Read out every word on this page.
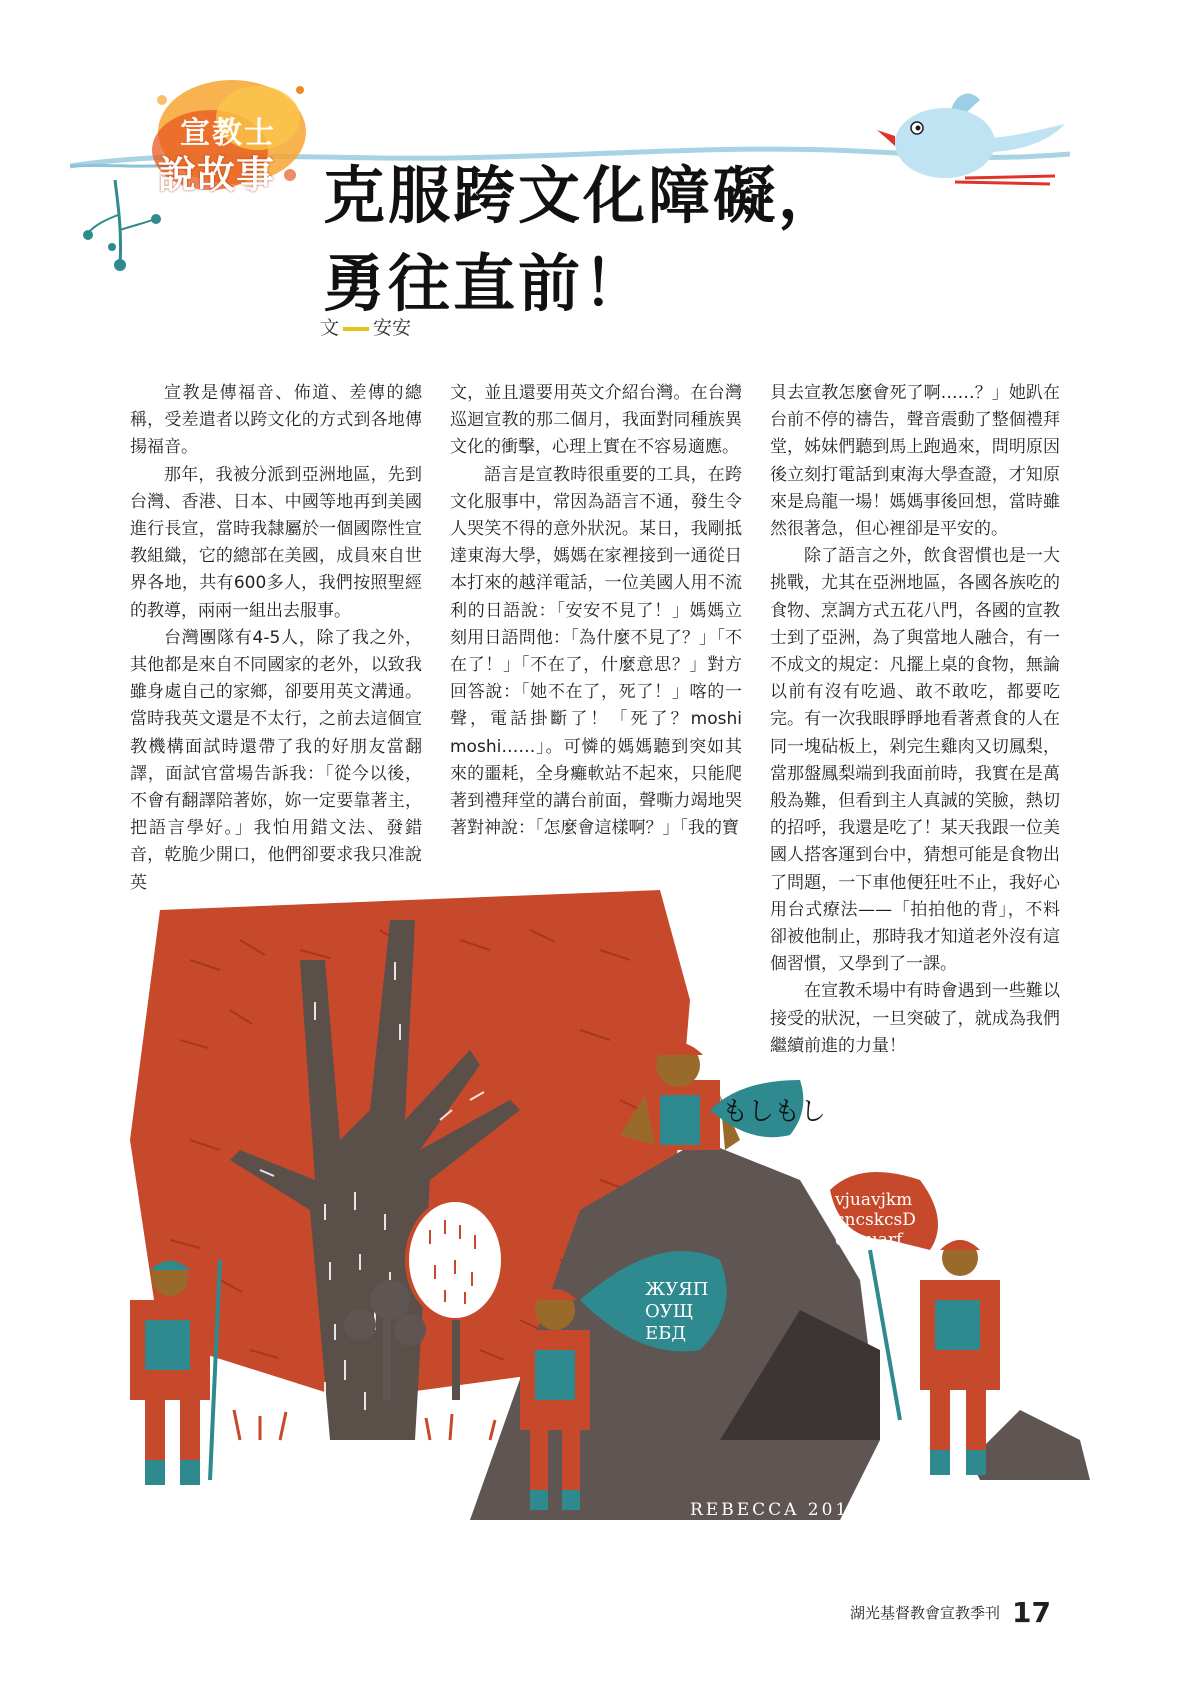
宣教士
說故事 克服跨文化障礙，
勇往直前！
文 安安

宣教是傳福音、佈道、差傳的總稱，受差遣者以跨文化的方式到各地傳揚福音。

那年，我被分派到亞洲地區，先到台灣、香港、日本、中國等地再到美國進行長宣，當時我隸屬於一個國際性宣教組織，它的總部在美國，成員來自世界各地，共有600多人，我們按照聖經的教導，兩兩一組出去服事。

台灣團隊有4-5人，除了我之外，其他都是來自不同國家的老外，以致我雖身處自己的家鄉，卻要用英文溝通。當時我英文還是不太行，之前去這個宣教機構面試時還帶了我的好朋友當翻譯，面試官當場告訴我：「從今以後，不會有翻譯陪著妳，妳一定要靠著主，把語言學好。」我怕用錯文法、發錯音，乾脆少開口，他們卻要求我只准說英

文，並且還要用英文介紹台灣。在台灣巡迴宣教的那二個月，我面對同種族異文化的衝擊，心理上實在不容易適應。

語言是宣教時很重要的工具，在跨文化服事中，常因為語言不通，發生令人哭笑不得的意外狀況。某日，我剛抵達東海大學，媽媽在家裡接到一通從日本打來的越洋電話，一位美國人用不流利的日語說：「安安不見了！」媽媽立刻用日語問他：「為什麼不見了？」「不在了！」「不在了，什麼意思？」對方回答說：「她不在了，死了！」喀的一聲，電話掛斷了！「死了？moshi moshi……」。可憐的媽媽聽到突如其來的噩耗，全身癱軟站不起來，只能爬著到禮拜堂的講台前面，聲嘶力竭地哭著對神說：「怎麼會這樣啊？」「我的寶

貝去宣教怎麼會死了啊……？」她趴在台前不停的禱告，聲音震動了整個禮拜堂，姊妹們聽到馬上跑過來，問明原因後立刻打電話到東海大學查證，才知原來是烏龍一場！媽媽事後回想，當時雖然很著急，但心裡卻是平安的。

除了語言之外，飲食習慣也是一大挑戰，尤其在亞洲地區，各國各族吃的食物、烹調方式五花八門，各國的宣教士到了亞洲，為了與當地人融合，有一不成文的規定：凡擺上桌的食物，無論以前有沒有吃過、敢不敢吃，都要吃完。有一次我眼睜睜地看著煮食的人在同一塊砧板上，剁完生雞肉又切鳳梨，當那盤鳳梨端到我面前時，我實在是萬般為難，但看到主人真誠的笑臉，熱切的招呼，我還是吃了！某天我跟一位美國人搭客運到台中，猜想可能是食物出了問題，一下車他便狂吐不止，我好心用台式療法——「拍拍他的背」，不料卻被他制止，那時我才知道老外沒有這個習慣，又學到了一課。

在宣教禾場中有時會遇到一些難以接受的狀況，一旦突破了，就成為我們繼續前進的力量！

もしもし
ЖУЯП
ОУЩ
ЕБД
vjuavjkm
cncskcsD
dheuarf
REBECCA 2017.5.30
湖光基督教會宣教季刊 17
